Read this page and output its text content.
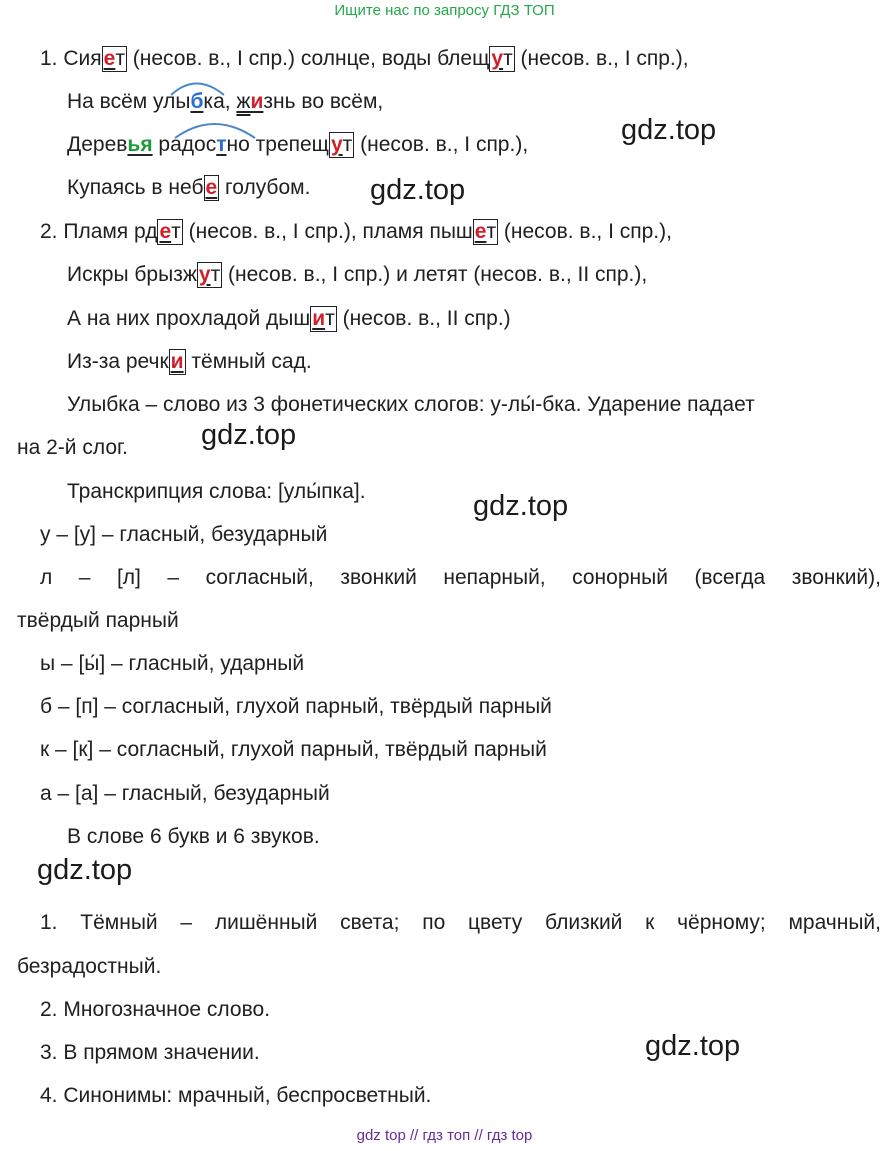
Ищите нас по запросу ГДЗ ТОП
1. Сияет (несов. в., I спр.) солнце, воды блещут (несов. в., I спр.),
На всём улыбка, жизнь во всём,
Деревья радостно трепещут (несов. в., I спр.),
Купаясь в небе голубом.
2. Пламя рдет (несов. в., I спр.), пламя пышет (несов. в., I спр.),
Искры брызжут (несов. в., I спр.) и летят (несов. в., II спр.),
А на них прохладой дышит (несов. в., II спр.)
Из-за речки тёмный сад.
Улыбка – слово из 3 фонетических слогов: у-лы́-бка. Ударение падает
на 2-й слог.
Транскрипция слова: [улы́пка].
у – [у] – гласный, безударный
л – [л] – согласный, звонкий непарный, сонорный (всегда звонкий),
твёрдый парный
ы – [ы́] – гласный, ударный
б – [п] – согласный, глухой парный, твёрдый парный
к – [к] – согласный, глухой парный, твёрдый парный
а – [а] – гласный, безударный
В слове 6 букв и 6 звуков.
1. Тёмный – лишённый света; по цвету близкий к чёрному; мрачный,
безрадостный.
2. Многозначное слово.
3. В прямом значении.
4. Синонимы: мрачный, беспросветный.
gdz.top
gdz.top
gdz.top
gdz.top
gdz.top
gdz.top
gdz top // гдз топ // гдз top
